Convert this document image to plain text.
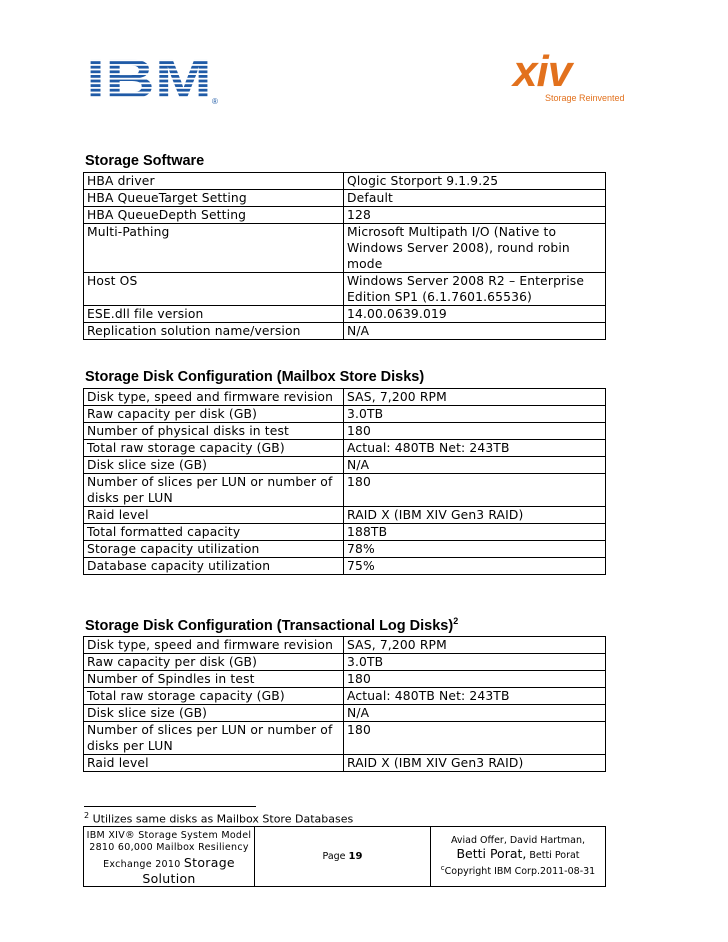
IBM ®
xiv
Storage Reinvented
Storage Software
HBA driver	Qlogic Storport 9.1.9.25
HBA QueueTarget Setting	Default
HBA QueueDepth Setting	128
Multi-Pathing	Microsoft Multipath I/O (Native to Windows Server 2008), round robin mode
Host OS	Windows Server 2008 R2 – Enterprise Edition SP1 (6.1.7601.65536)
ESE.dll file version	14.00.0639.019
Replication solution name/version	N/A
Storage Disk Configuration (Mailbox Store Disks)
Disk type, speed and firmware revision	SAS, 7,200 RPM
Raw capacity per disk (GB)	3.0TB
Number of physical disks in test	180
Total raw storage capacity (GB)	Actual: 480TB Net: 243TB
Disk slice size (GB)	N/A
Number of slices per LUN or number of disks per LUN	180
Raid level	RAID X (IBM XIV Gen3 RAID)
Total formatted capacity	188TB
Storage capacity utilization	78%
Database capacity utilization	75%
Storage Disk Configuration (Transactional Log Disks)$^2$
Disk type, speed and firmware revision	SAS, 7,200 RPM
Raw capacity per disk (GB)	3.0TB
Number of Spindles in test	180
Total raw storage capacity (GB)	Actual: 480TB Net: 243TB
Disk slice size (GB)	N/A
Number of slices per LUN or number of disks per LUN	180
Raid level	RAID X (IBM XIV Gen3 RAID)
$^2$ Utilizes same disks as Mailbox Store Databases
IBM XIV® Storage System Model
2810 60,000 Mailbox Resiliency
Exchange 2010 Storage
Solution
	Page 19	
Aviad Offer, David Hartman,
Betti Porat, Betti Porat
$^c$Copyright IBM Corp.2011-08-31
